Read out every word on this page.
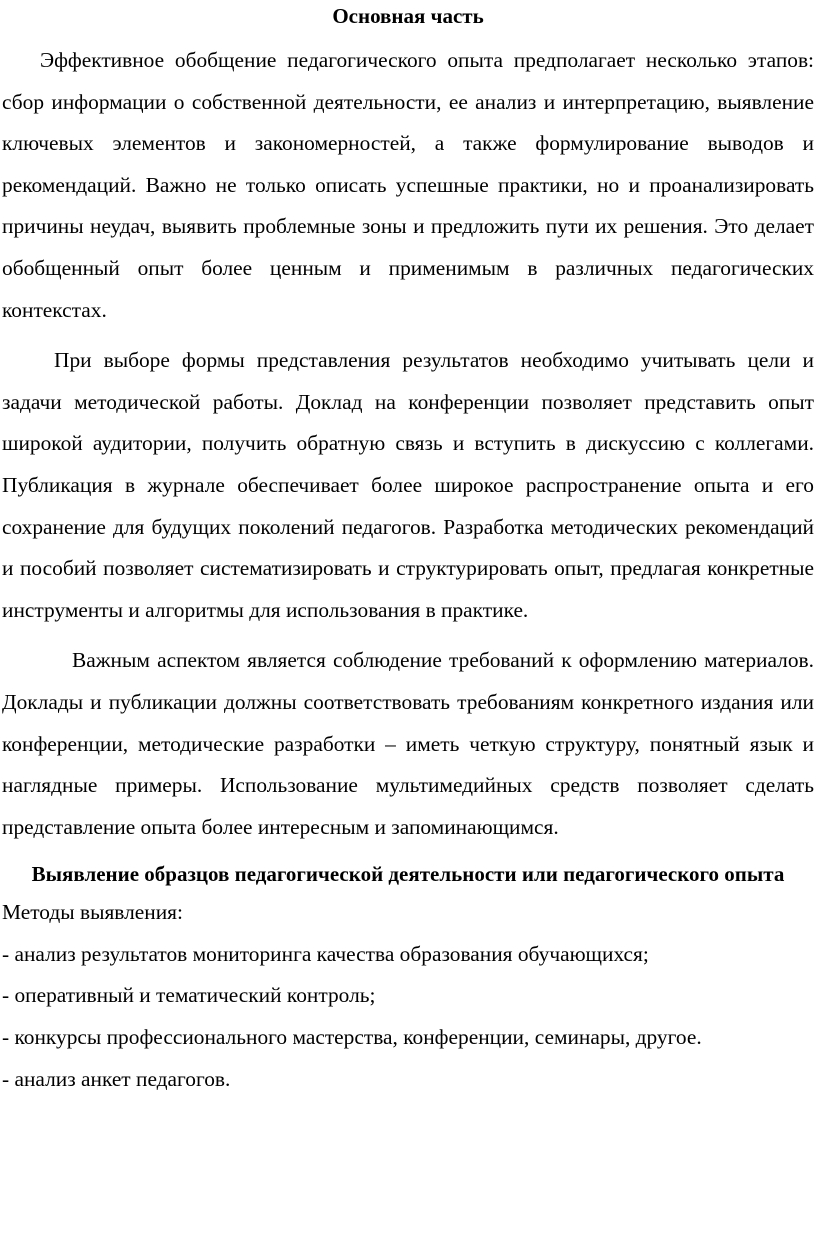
Основная часть

Эффективное обобщение педагогического опыта предполагает несколько этапов: сбор информации о собственной деятельности, ее анализ и интерпретацию, выявление ключевых элементов и закономерностей, а также формулирование выводов и рекомендаций. Важно не только описать успешные практики, но и проанализировать причины неудач, выявить проблемные зоны и предложить пути их решения. Это делает обобщенный опыт более ценным и применимым в различных педагогических контекстах.

При выборе формы представления результатов необходимо учитывать цели и задачи методической работы. Доклад на конференции позволяет представить опыт широкой аудитории, получить обратную связь и вступить в дискуссию с коллегами. Публикация в журнале обеспечивает более широкое распространение опыта и его сохранение для будущих поколений педагогов. Разработка методических рекомендаций и пособий позволяет систематизировать и структурировать опыт, предлагая конкретные инструменты и алгоритмы для использования в практике.

Важным аспектом является соблюдение требований к оформлению материалов. Доклады и публикации должны соответствовать требованиям конкретного издания или конференции, методические разработки – иметь четкую структуру, понятный язык и наглядные примеры. Использование мультимедийных средств позволяет сделать представление опыта более интересным и запоминающимся.

Выявление образцов педагогической деятельности или педагогического опыта
Методы выявления:
- анализ результатов мониторинга качества образования обучающихся;
- оперативный и тематический контроль;
- конкурсы профессионального мастерства, конференции, семинары, другое.
- анализ анкет педагогов.
